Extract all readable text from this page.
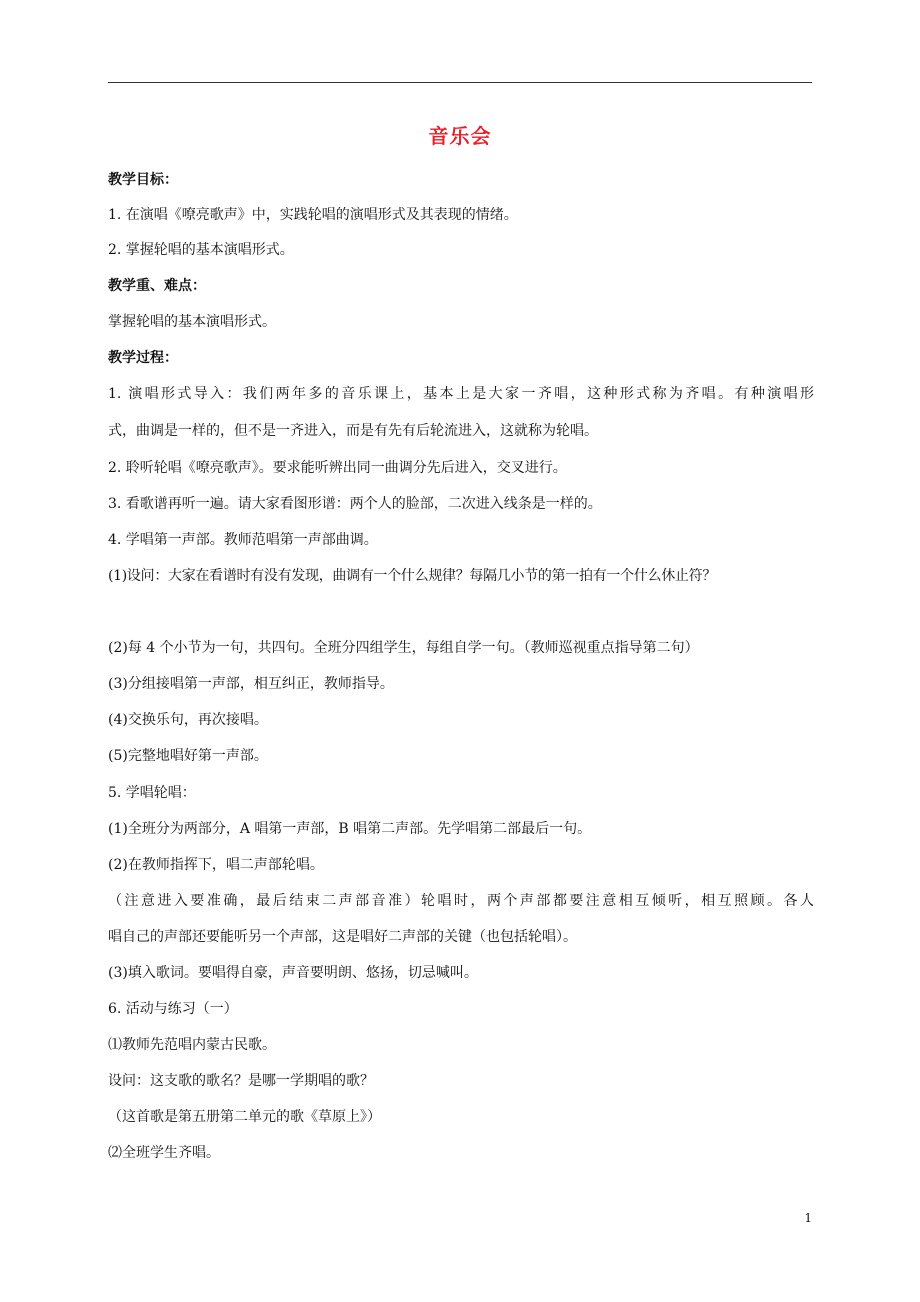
音乐会
教学目标：
1. 在演唱《嘹亮歌声》中，实践轮唱的演唱形式及其表现的情绪。
2. 掌握轮唱的基本演唱形式。
教学重、难点：
掌握轮唱的基本演唱形式。
教学过程：
1. 演唱形式导入：我们两年多的音乐课上，基本上是大家一齐唱，这种形式称为齐唱。有种演唱形
式，曲调是一样的，但不是一齐进入，而是有先有后轮流进入，这就称为轮唱。
2. 聆听轮唱《嘹亮歌声》。要求能听辨出同一曲调分先后进入，交叉进行。
3. 看歌谱再听一遍。请大家看图形谱：两个人的脸部，二次进入线条是一样的。
4. 学唱第一声部。教师范唱第一声部曲调。
(1)设问：大家在看谱时有没有发现，曲调有一个什么规律？每隔几小节的第一拍有一个什么休止符？
(2)每 4 个小节为一句，共四句。全班分四组学生，每组自学一句。（教师巡视重点指导第二句）
(3)分组接唱第一声部，相互纠正，教师指导。
(4)交换乐句，再次接唱。
(5)完整地唱好第一声部。
5. 学唱轮唱：
(1)全班分为两部分，A 唱第一声部，B 唱第二声部。先学唱第二部最后一句。
(2)在教师指挥下，唱二声部轮唱。
（注意进入要准确，最后结束二声部音准）轮唱时，两个声部都要注意相互倾听，相互照顾。各人
唱自己的声部还要能听另一个声部，这是唱好二声部的关键（也包括轮唱）。
(3)填入歌词。要唱得自豪，声音要明朗、悠扬，切忌喊叫。
6. 活动与练习（一）
⑴教师先范唱内蒙古民歌。
设问：这支歌的歌名？是哪一学期唱的歌？
（这首歌是第五册第二单元的歌《草原上》）
⑵全班学生齐唱。
1
